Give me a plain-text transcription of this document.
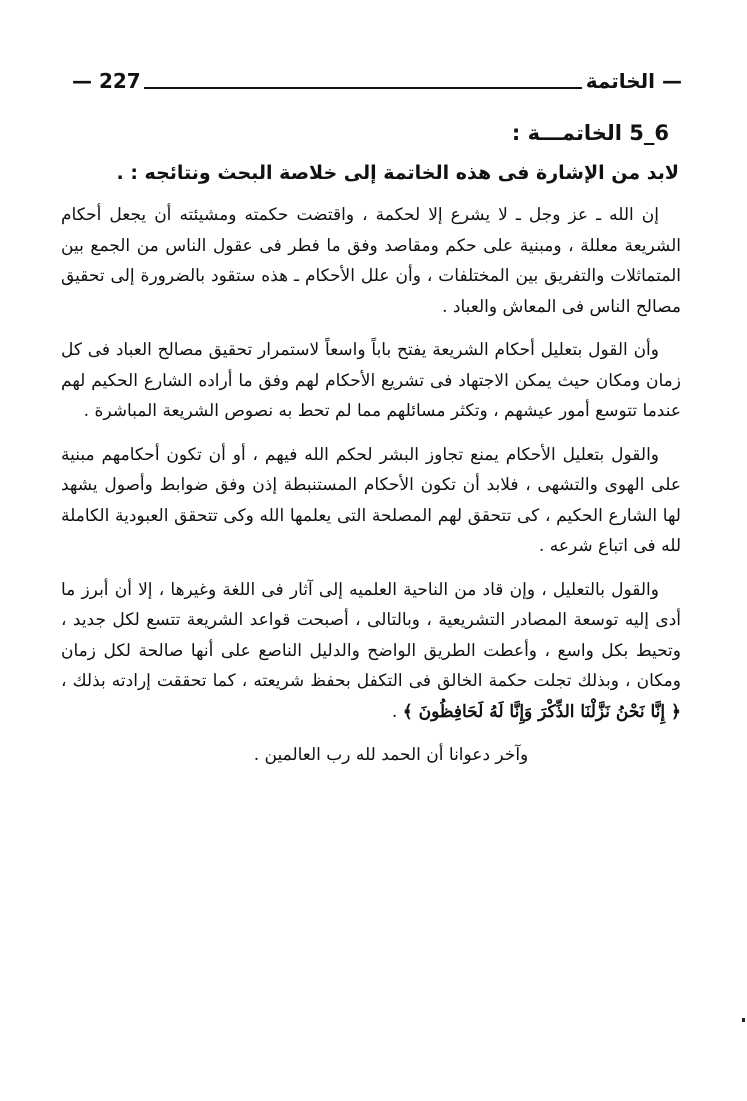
— الخاتمة
227 —
6_5 الخاتمـــة :
لابد من الإشارة فى هذه الخاتمة إلى خلاصة البحث ونتائجه : .

إن الله ـ عز وجل ـ لا يشرع إلا لحكمة ، واقتضت حكمته ومشيئته أن يجعل أحكام الشريعة معللة ، ومبنية على حكم ومقاصد وفق ما فطر فى عقول الناس من الجمع بين المتماثلات والتفريق بين المختلفات ، وأن علل الأحكام ـ هذه ستقود بالضرورة إلى تحقيق مصالح الناس فى المعاش والعباد .

وأن القول بتعليل أحكام الشريعة يفتح باباً واسعاً لاستمرار تحقيق مصالح العباد فى كل زمان ومكان حيث يمكن الاجتهاد فى تشريع الأحكام لهم وفق ما أراده الشارع الحكيم لهم عندما تتوسع أمور عيشهم ، وتكثر مسائلهم مما لم تحط به نصوص الشريعة المباشرة .

والقول بتعليل الأحكام يمنع تجاوز البشر لحكم الله فيهم ، أو أن تكون أحكامهم مبنية على الهوى والتشهى ، فلابد أن تكون الأحكام المستنبطة إذن وفق ضوابط وأصول يشهد لها الشارع الحكيم ، كى تتحقق لهم المصلحة التى يعلمها الله وكى تتحقق العبودية الكاملة لله فى اتباع شرعه .

والقول بالتعليل ، وإن قاد من الناحية العلميه إلى آثار فى اللغة وغيرها ، إلا أن أبرز ما أدى إليه توسعة المصادر التشريعية ، وبالتالى ، أصبحت قواعد الشريعة تتسع لكل جديد ، وتحيط بكل واسع ، وأعطت الطريق الواضح والدليل الناصع على أنها صالحة لكل زمان ومكان ، وبذلك تجلت حكمة الخالق فى التكفل بحفظ شريعته ، كما تحققت إرادته بذلك ، ﴿ إِنَّا نَحْنُ نَزَّلْنَا الذِّكْرَ وَإِنَّا لَهُ لَحَافِظُونَ ﴾ .

وآخر دعوانا أن الحمد لله رب العالمين .
